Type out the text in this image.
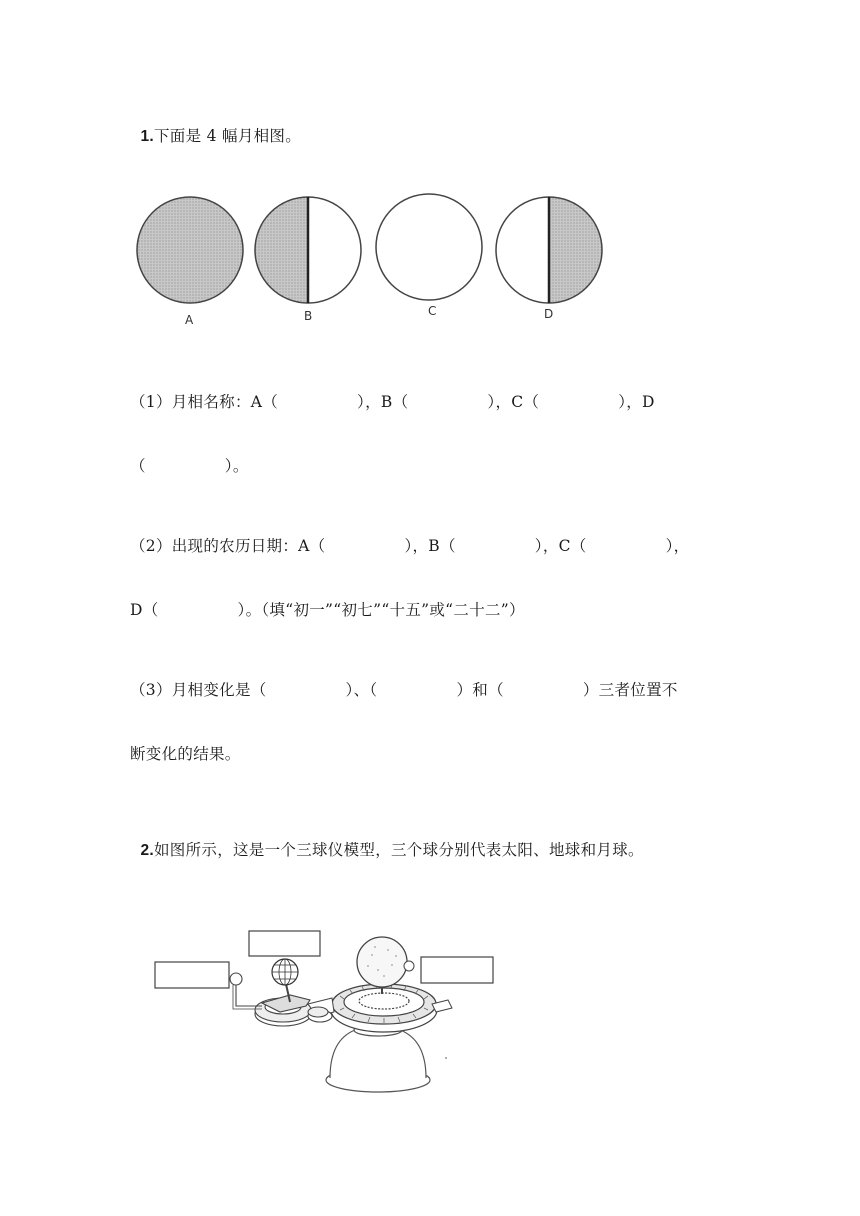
1.下面是 4 幅月相图。

A	B	C	D
（1）月相名称：A（　　　　　），B（　　　　　），C（　　　　　），D
（　　　　　）。
（2）出现的农历日期：A（　　　　　），B（　　　　　），C（　　　　　），
D（　　　　　）。（填“初一”“初七”“十五”或“二十二”）
（3）月相变化是（　　　　　）、（　　　　　）和（　　　　　）三者位置不
断变化的结果。

2.如图所示，这是一个三球仪模型，三个球分别代表太阳、地球和月球。
